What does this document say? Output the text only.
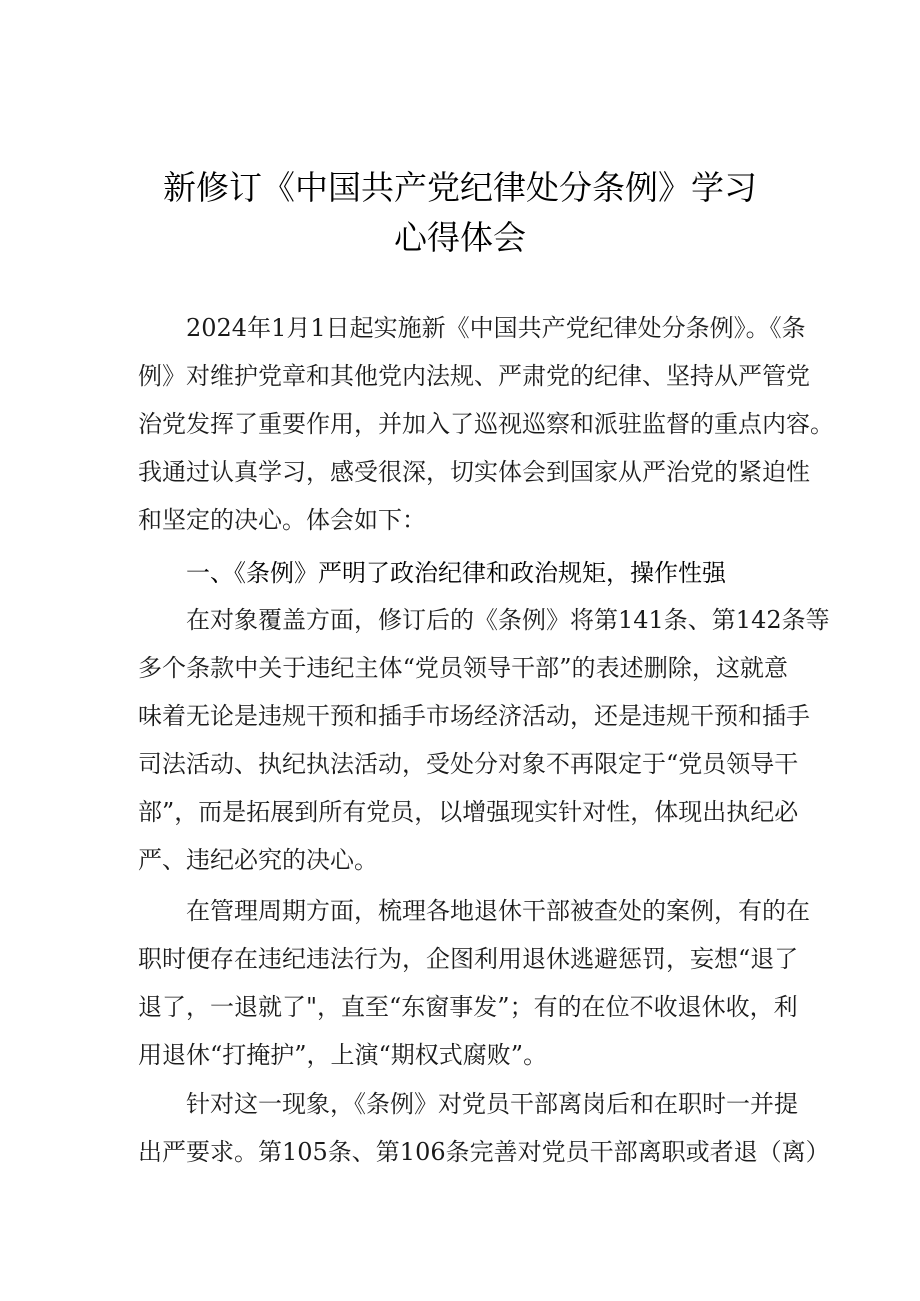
新修订《中国共产党纪律处分条例》学习
心得体会
2024年1月1日起实施新《中国共产党纪律处分条例》。《条
例》对维护党章和其他党内法规、严肃党的纪律、坚持从严管党
治党发挥了重要作用，并加入了巡视巡察和派驻监督的重点内容。
我通过认真学习，感受很深，切实体会到国家从严治党的紧迫性
和坚定的决心。体会如下：
一、《条例》严明了政治纪律和政治规矩，操作性强
在对象覆盖方面，修订后的《条例》将第141条、第142条等
多个条款中关于违纪主体“党员领导干部”的表述删除，这就意
味着无论是违规干预和插手市场经济活动，还是违规干预和插手
司法活动、执纪执法活动，受处分对象不再限定于“党员领导干
部”，而是拓展到所有党员，以增强现实针对性，体现出执纪必
严、违纪必究的决心。
在管理周期方面，梳理各地退休干部被查处的案例，有的在
职时便存在违纪违法行为，企图利用退休逃避惩罚，妄想“退了
退了，一退就了"，直至“东窗事发”；有的在位不收退休收，利
用退休“打掩护”，上演“期权式腐败”。
针对这一现象，《条例》对党员干部离岗后和在职时一并提
出严要求。第105条、第106条完善对党员干部离职或者退（离）
